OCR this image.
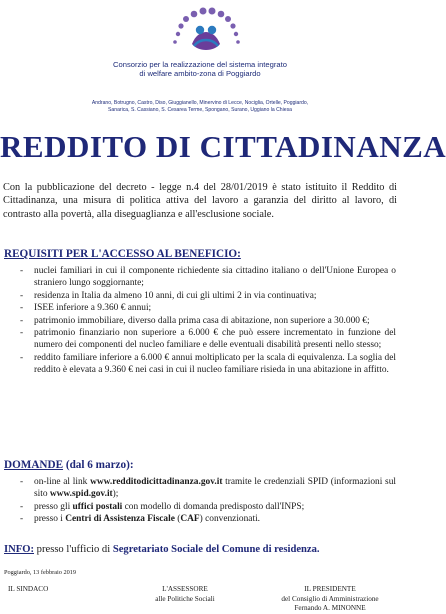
Consorzio per la realizzazione del sistema integrato
di welfare ambito-zona di Poggiardo
Andrano, Botrugno, Castro, Diso, Giuggianello, Minervino di Lecce, Nociglia, Ortelle, Poggiardo,
Sanarica, S. Cassiano, S. Cesarea Terme, Spongano, Surano, Uggiano la Chiesa
REDDITO DI CITTADINANZA
Con la pubblicazione del decreto - legge n.4 del 28/01/2019 è stato istituito il Reddito di Cittadinanza, una misura di politica attiva del lavoro a garanzia del diritto al lavoro, di contrasto alla povertà, alla diseguaglianza e all'esclusione sociale.
REQUISITI PER L'ACCESSO AL BENEFICIO:
- nuclei familiari in cui il componente richiedente sia cittadino italiano o dell'Unione Europea o straniero lungo soggiornante;
- residenza in Italia da almeno 10 anni, di cui gli ultimi 2 in via continuativa;
- ISEE inferiore a 9.360 € annui;
- patrimonio immobiliare, diverso dalla prima casa di abitazione, non superiore a 30.000 €;
- patrimonio finanziario non superiore a 6.000 € che può essere incrementato in funzione del numero dei componenti del nucleo familiare e delle eventuali disabilità presenti nello stesso;
- reddito familiare inferiore a 6.000 € annui moltiplicato per la scala di equivalenza. La soglia del reddito è elevata a 9.360 € nei casi in cui il nucleo familiare risieda in una abitazione in affitto.
DOMANDE (dal 6 marzo):
- on-line al link www.redditodicittadinanza.gov.it tramite le credenziali SPID (informazioni sul sito www.spid.gov.it);
- presso gli uffici postali con modello di domanda predisposto dall'INPS;
- presso i Centri di Assistenza Fiscale (CAF) convenzionati.
INFO: presso l'ufficio di Segretariato Sociale del Comune di residenza.
Poggiardo, 13 febbraio 2019
IL SINDACO	L'ASSESSORE
alle Politiche Sociali
IL PRESIDENTE
del Consiglio di Amministrazione
Fernando A. MINONNE
